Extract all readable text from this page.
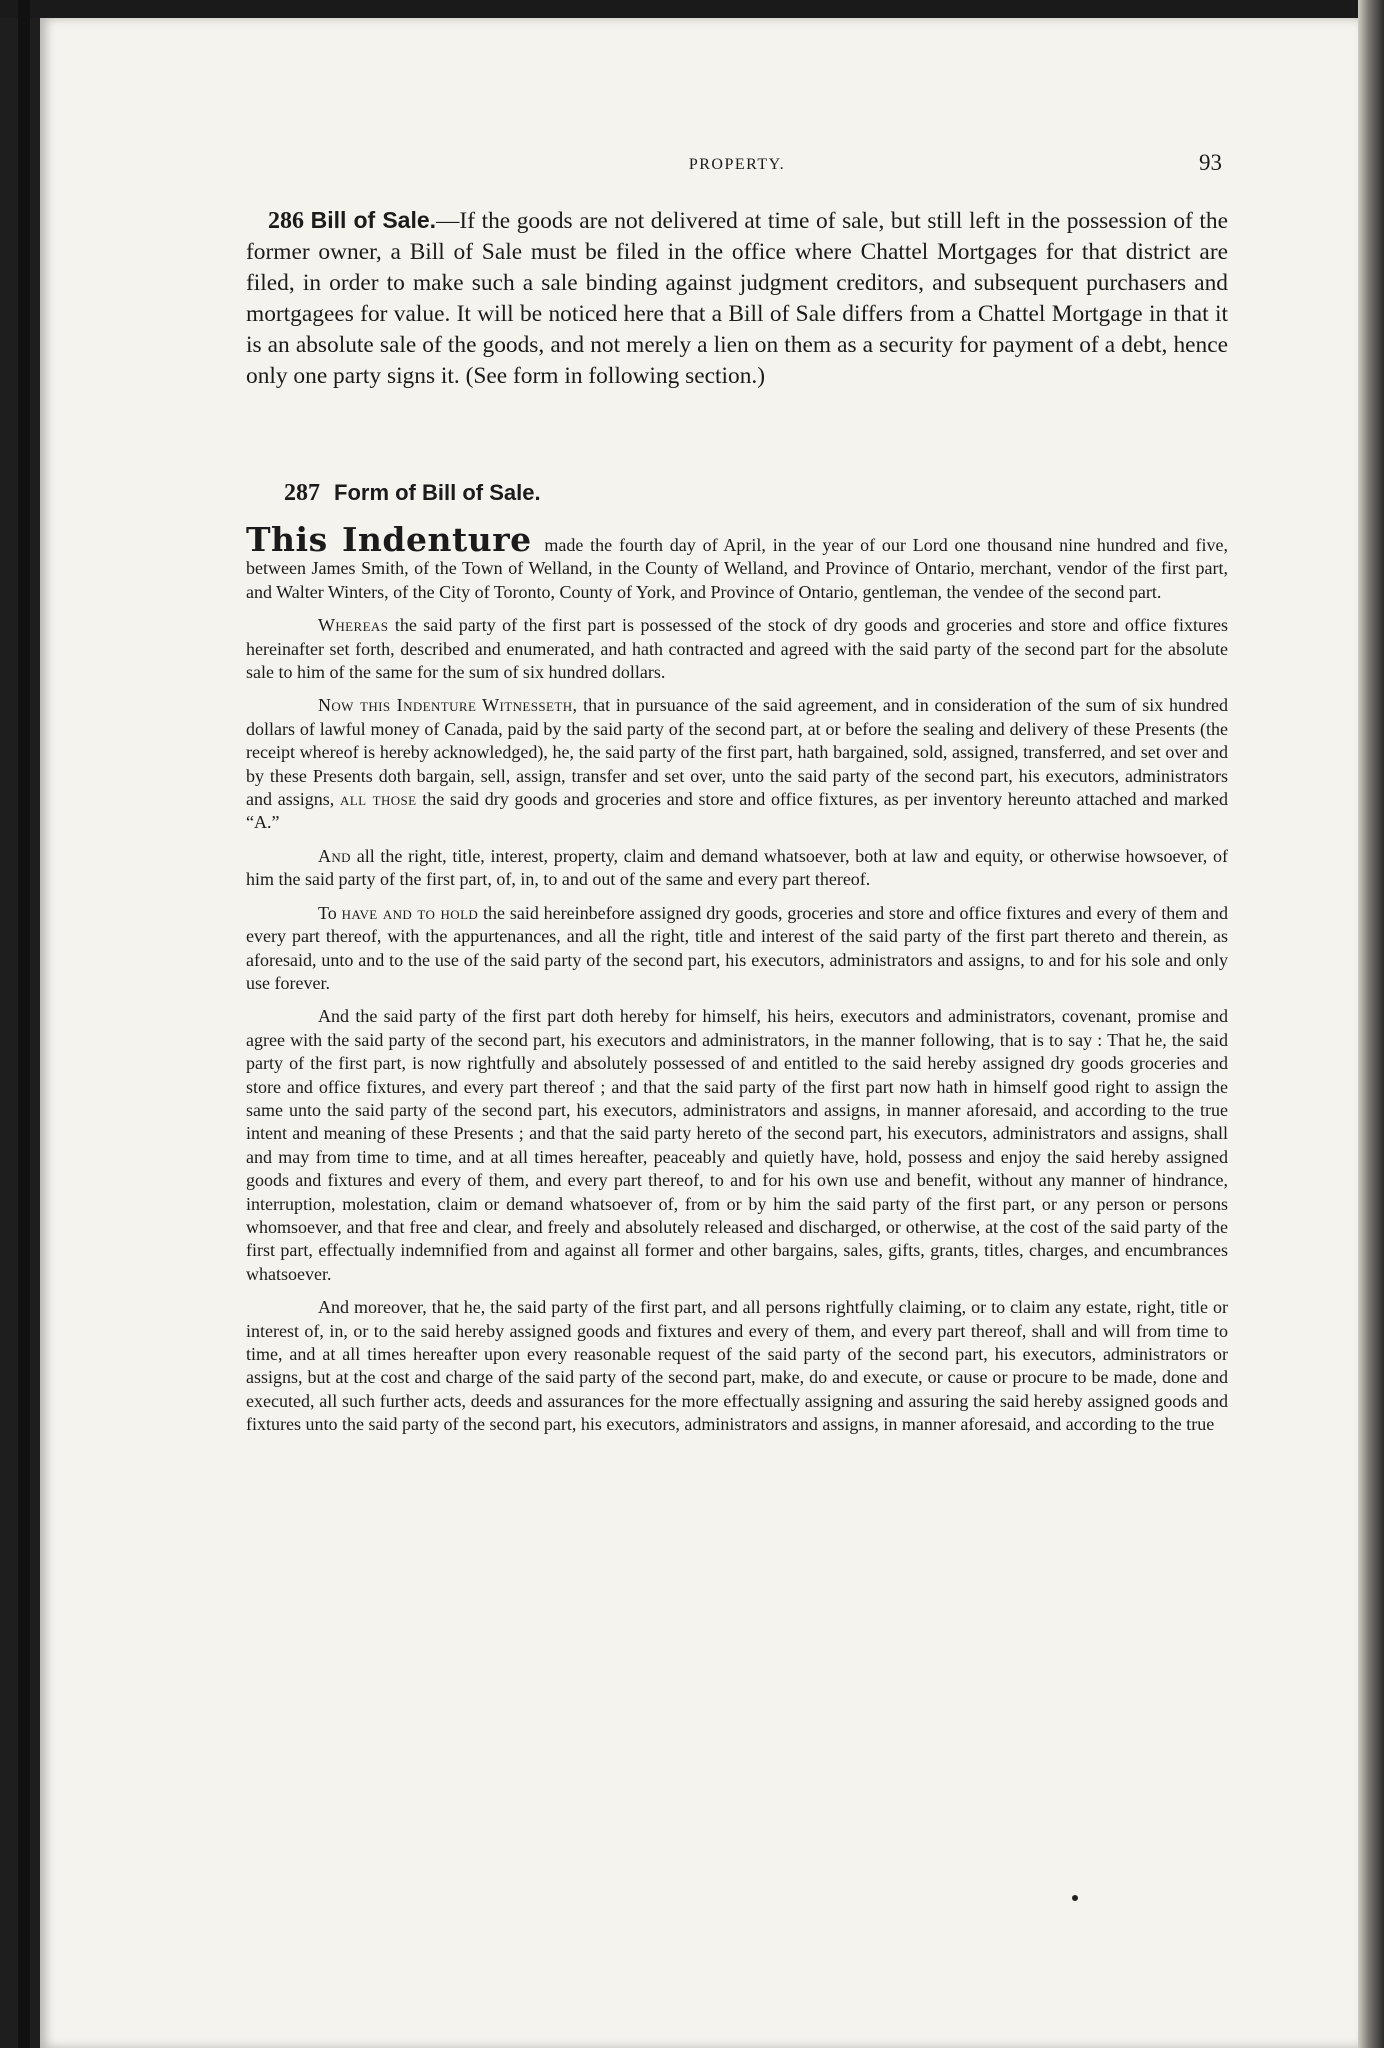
PROPERTY.	93

286 Bill of Sale.—If the goods are not delivered at time of sale, but still left in the possession of the former owner, a Bill of Sale must be filed in the office where Chattel Mortgages for that district are filed, in order to make such a sale binding against judgment creditors, and subsequent purchasers and mortgagees for value. It will be noticed here that a Bill of Sale differs from a Chattel Mortgage in that it is an absolute sale of the goods, and not merely a lien on them as a security for payment of a debt, hence only one party signs it. (See form in following section.)

287 Form of Bill of Sale.

This Indenture made the fourth day of April, in the year of our Lord one thousand nine hundred and five, between James Smith, of the Town of Welland, in the County of Welland, and Province of Ontario, merchant, vendor of the first part, and Walter Winters, of the City of Toronto, County of York, and Province of Ontario, gentleman, the vendee of the second part.

Whereas the said party of the first part is possessed of the stock of dry goods and groceries and store and office fixtures hereinafter set forth, described and enumerated, and hath contracted and agreed with the said party of the second part for the absolute sale to him of the same for the sum of six hundred dollars.

Now this Indenture Witnesseth, that in pursuance of the said agreement, and in consideration of the sum of six hundred dollars of lawful money of Canada, paid by the said party of the second part, at or before the sealing and delivery of these Presents (the receipt whereof is hereby acknowledged), he, the said party of the first part, hath bargained, sold, assigned, transferred, and set over and by these Presents doth bargain, sell, assign, transfer and set over, unto the said party of the second part, his executors, administrators and assigns, all those the said dry goods and groceries and store and office fixtures, as per inventory hereunto attached and marked “A.”

And all the right, title, interest, property, claim and demand whatsoever, both at law and equity, or otherwise howsoever, of him the said party of the first part, of, in, to and out of the same and every part thereof.

To have and to hold the said hereinbefore assigned dry goods, groceries and store and office fixtures and every of them and every part thereof, with the appurtenances, and all the right, title and interest of the said party of the first part thereto and therein, as aforesaid, unto and to the use of the said party of the second part, his executors, administrators and assigns, to and for his sole and only use forever.

And the said party of the first part doth hereby for himself, his heirs, executors and administrators, covenant, promise and agree with the said party of the second part, his executors and administrators, in the manner following, that is to say : That he, the said party of the first part, is now rightfully and absolutely possessed of and entitled to the said hereby assigned dry goods groceries and store and office fixtures, and every part thereof ; and that the said party of the first part now hath in himself good right to assign the same unto the said party of the second part, his executors, administrators and assigns, in manner aforesaid, and according to the true intent and meaning of these Presents ; and that the said party hereto of the second part, his executors, administrators and assigns, shall and may from time to time, and at all times hereafter, peaceably and quietly have, hold, possess and enjoy the said hereby assigned goods and fixtures and every of them, and every part thereof, to and for his own use and benefit, without any manner of hindrance, interruption, molestation, claim or demand whatsoever of, from or by him the said party of the first part, or any person or persons whomsoever, and that free and clear, and freely and absolutely released and discharged, or otherwise, at the cost of the said party of the first part, effectually indemnified from and against all former and other bargains, sales, gifts, grants, titles, charges, and encumbrances whatsoever.

And moreover, that he, the said party of the first part, and all persons rightfully claiming, or to claim any estate, right, title or interest of, in, or to the said hereby assigned goods and fixtures and every of them, and every part thereof, shall and will from time to time, and at all times hereafter upon every reasonable request of the said party of the second part, his executors, administrators or assigns, but at the cost and charge of the said party of the second part, make, do and execute, or cause or procure to be made, done and executed, all such further acts, deeds and assurances for the more effectually assigning and assuring the said hereby assigned goods and fixtures unto the said party of the second part, his executors, administrators and assigns, in manner aforesaid, and according to the true
